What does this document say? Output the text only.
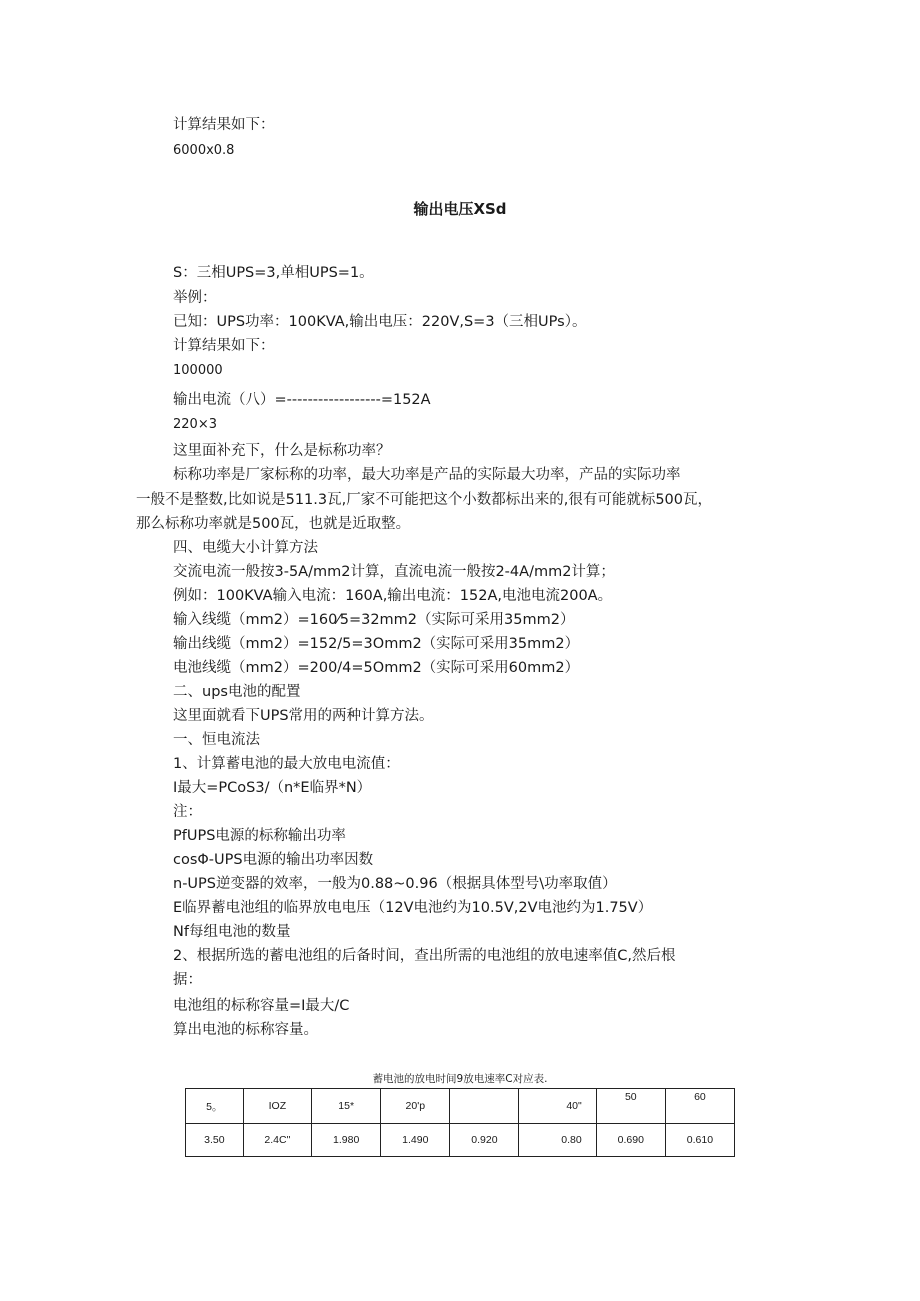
计算结果如下：

6000x0.8

输出电压XSd

S：三相UPS=3,单相UPS=1。

举例：

已知：UPS功率：100KVA,输出电压：220V,S=3（三相UPs）。

计算结果如下：

100000

输出电流（八）=------------------=152A

220×3

这里面补充下，什么是标称功率？

标称功率是厂家标称的功率，最大功率是产品的实际最大功率，产品的实际功率

一般不是整数,比如说是511.3瓦,厂家不可能把这个小数都标出来的,很有可能就标500瓦，

那么标称功率就是500瓦，也就是近取整。

四、电缆大小计算方法

交流电流一般按3-5A∕mm2计算，直流电流一般按2-4A∕mm2计算；

例如：100KVA输入电流：160A,输出电流：152A,电池电流200A。

输入线缆（mm2）=160⁄5=32mm2（实际可采用35mm2）

输出线缆（mm2）=152/5=3Omm2（实际可采用35mm2）

电池线缆（mm2）=200/4=5Omm2（实际可采用60mm2）

二、ups电池的配置

这里面就看下UPS常用的两种计算方法。

一、恒电流法

1、计算蓄电池的最大放电电流值：

I最大=PCoS3/（n*E临界*N）

注：

PfUPS电源的标称输出功率

cosΦ-UPS电源的输出功率因数

n-UPS逆变器的效率，一般为0.88~0.96（根据具体型号\功率取值）

E临界蓄电池组的临界放电电压（12V电池约为10.5V,2V电池约为1.75V）

Nf每组电池的数量

2、根据所选的蓄电池组的后备时间，查出所需的电池组的放电速率值C,然后根

据：

电池组的标称容量=I最大/C

算出电池的标称容量。

蓄电池的放电时间9放电速率C对应表.

5。	IOZ	15*	20'p		40"	50	60
3.50	2.4C"	1.980	1.490	0.920	0.80	0.690	0.610
